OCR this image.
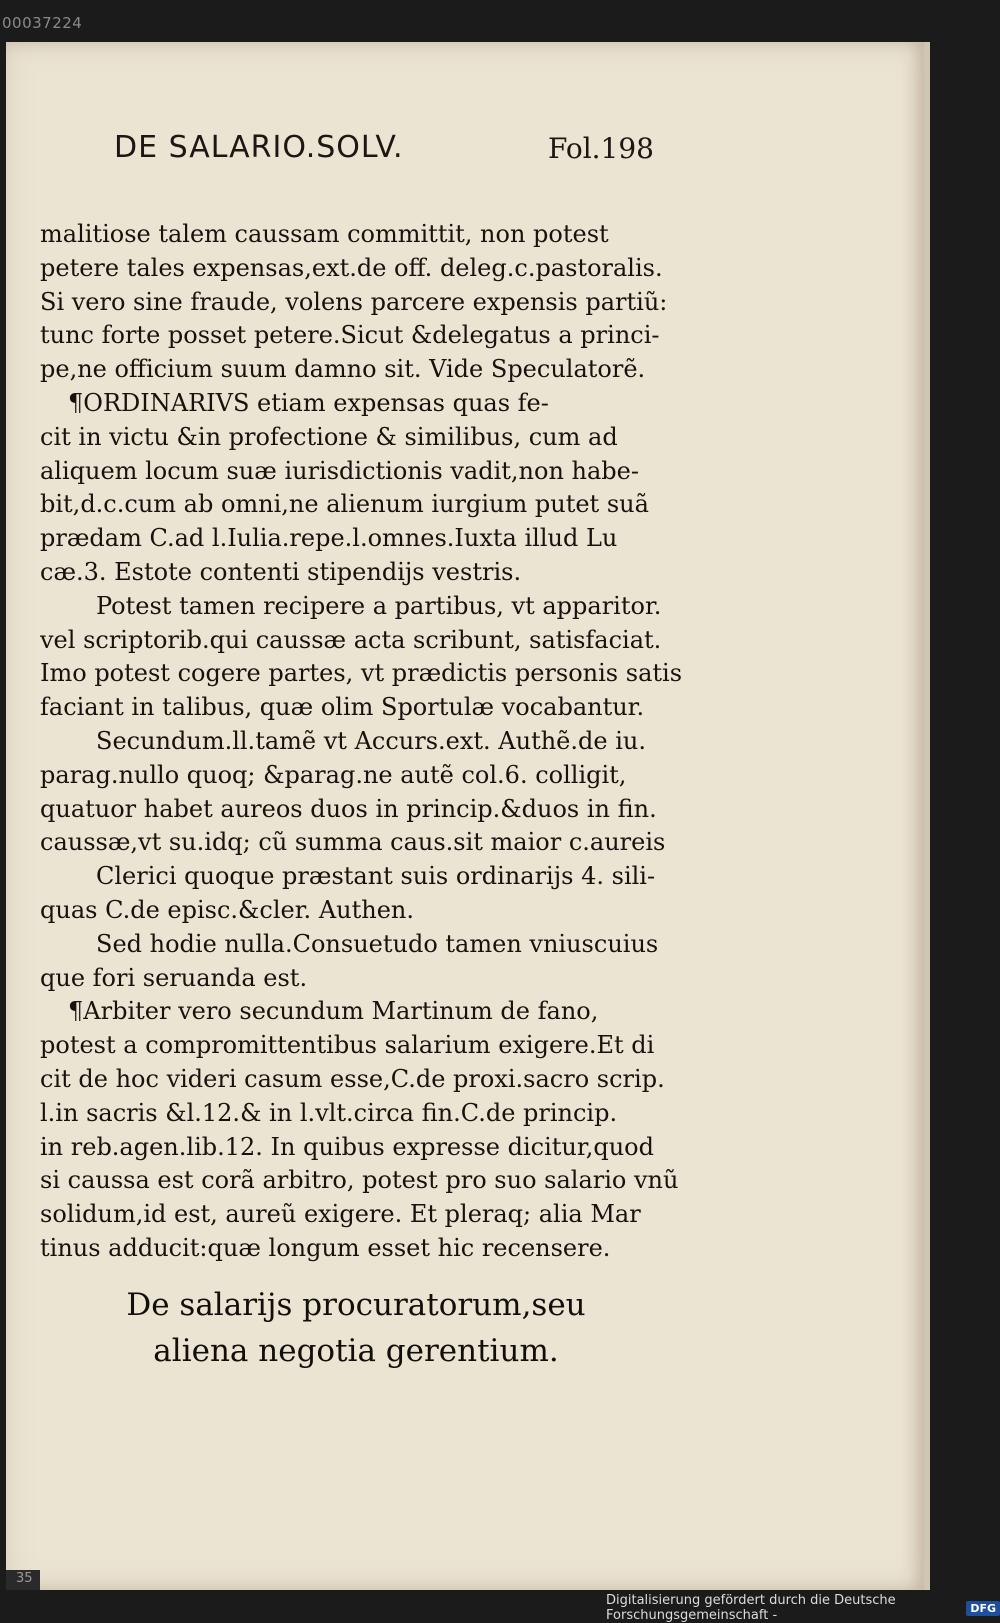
00037224
DE SALARIO.SOLV.	Fol.198
malitiose talem caussam committit, non potest
petere tales expensas,ext.de off. deleg.c.pastoralis.
Si vero sine fraude, volens parcere expensis partiũ:
tunc forte posset petere.Sicut &delegatus a princi-
pe,ne officium suum damno sit. Vide Speculatorẽ.
¶ORDINARIVS etiam expensas quas fe-
cit in victu &in profectione & similibus, cum ad
aliquem locum suæ iurisdictionis vadit,non habe-
bit,d.c.cum ab omni,ne alienum iurgium putet suã
prædam C.ad l.Iulia.repe.l.omnes.Iuxta illud Lu
cæ.3. Estote contenti stipendijs vestris.
Potest tamen recipere a partibus, vt apparitor.
vel scriptorib.qui caussæ acta scribunt, satisfaciat.
Imo potest cogere partes, vt prædictis personis satis
faciant in talibus, quæ olim Sportulæ vocabantur.
Secundum.ll.tamẽ vt Accurs.ext. Authẽ.de iu.
parag.nullo quoq; &parag.ne autẽ col.6. colligit,
quatuor habet aureos duos in princip.&duos in fin.
caussæ,vt su.idq; cũ summa caus.sit maior c.aureis
Clerici quoque præstant suis ordinarijs 4. sili-
quas C.de episc.&cler. Authen.
Sed hodie nulla.Consuetudo tamen vniuscuius
que fori seruanda est.
¶Arbiter vero secundum Martinum de fano,
potest a compromittentibus salarium exigere.Et di
cit de hoc videri casum esse,C.de proxi.sacro scrip.
l.in sacris &l.12.& in l.vlt.circa fin.C.de princip.
in reb.agen.lib.12. In quibus expresse dicitur,quod
si caussa est corã arbitro, potest pro suo salario vnũ
solidum,id est, aureũ exigere. Et pleraq; alia Mar
tinus adducit:quæ longum esset hic recensere.
De salarijs procuratorum,seu
aliena negotia gerentium.
35
Digitalisierung gefördert durch die Deutsche Forschungsgemeinschaft -	DFG
